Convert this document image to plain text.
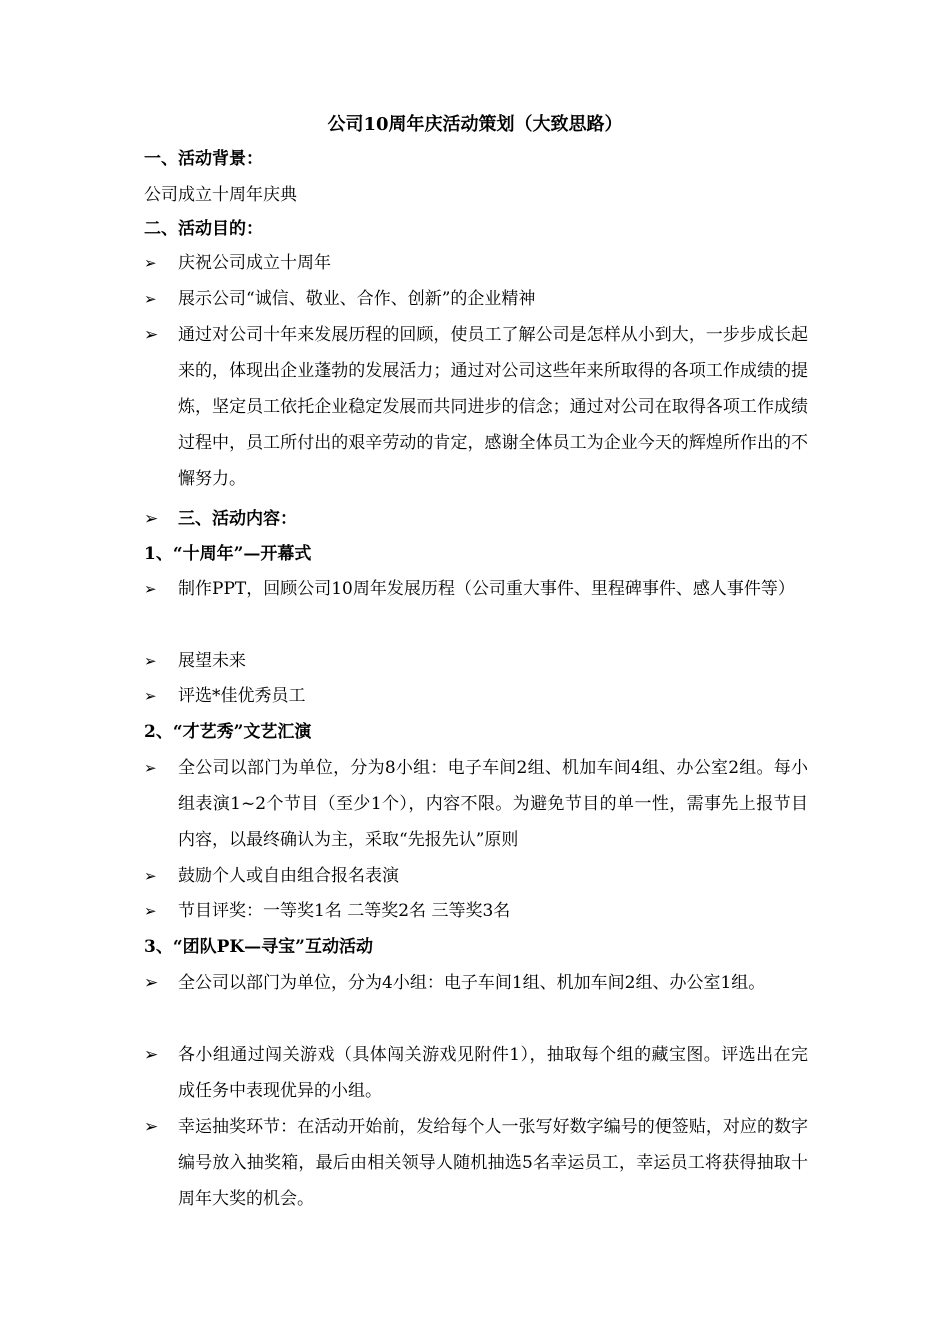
公司10周年庆活动策划（大致思路）
一、活动背景：
公司成立十周年庆典
二、活动目的：
➢ 庆祝公司成立十周年
➢ 展示公司“诚信、敬业、合作、创新”的企业精神
➢ 通过对公司十年来发展历程的回顾，使员工了解公司是怎样从小到大，一步步成长起来的，体现出企业蓬勃的发展活力；通过对公司这些年来所取得的各项工作成绩的提炼，坚定员工依托企业稳定发展而共同进步的信念；通过对公司在取得各项工作成绩过程中，员工所付出的艰辛劳动的肯定，感谢全体员工为企业今天的辉煌所作出的不懈努力。
➢ 三、活动内容：
1、“十周年”—开幕式
➢ 制作PPT，回顾公司10周年发展历程（公司重大事件、里程碑事件、感人事件等）
➢ 展望未来
➢ 评选*佳优秀员工
2、“才艺秀”文艺汇演
➢ 全公司以部门为单位，分为8小组：电子车间2组、机加车间4组、办公室2组。每小组表演1~2个节目（至少1个），内容不限。为避免节目的单一性，需事先上报节目内容，以最终确认为主，采取“先报先认”原则
➢ 鼓励个人或自由组合报名表演
➢ 节目评奖：一等奖1名 二等奖2名 三等奖3名
3、“团队PK—寻宝”互动活动
➢ 全公司以部门为单位，分为4小组：电子车间1组、机加车间2组、办公室1组。
➢ 各小组通过闯关游戏（具体闯关游戏见附件1），抽取每个组的藏宝图。评选出在完成任务中表现优异的小组。
➢ 幸运抽奖环节：在活动开始前，发给每个人一张写好数字编号的便签贴，对应的数字编号放入抽奖箱，最后由相关领导人随机抽选5名幸运员工，幸运员工将获得抽取十周年大奖的机会。
